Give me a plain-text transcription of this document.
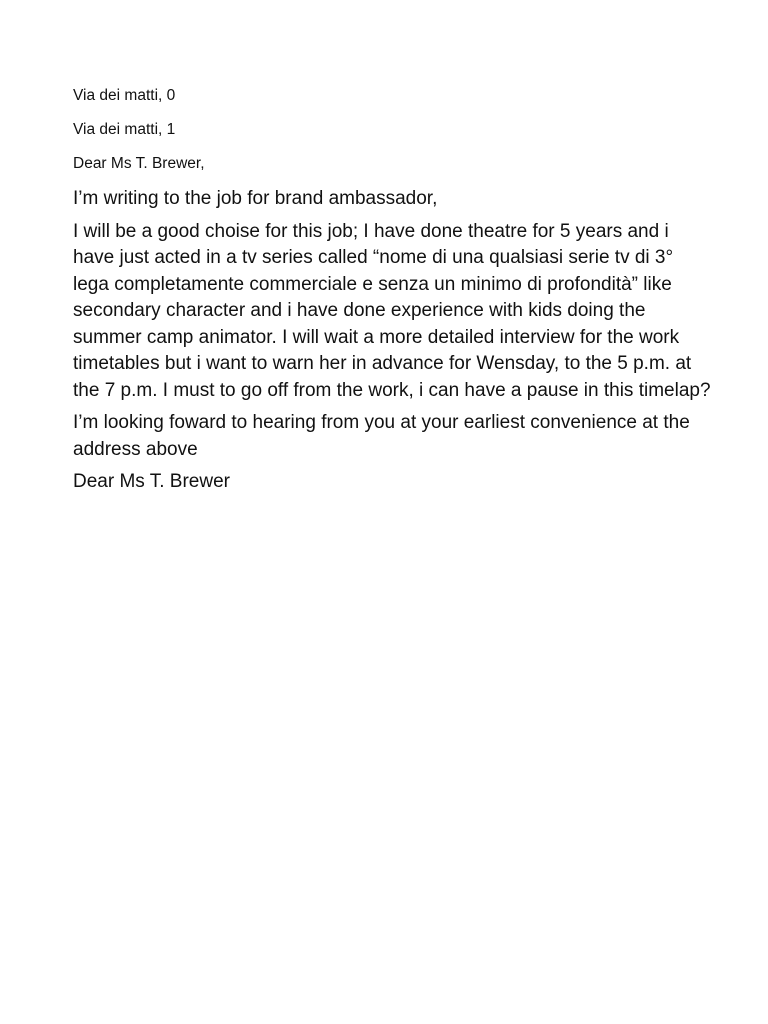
Via dei matti, 0

Via dei matti, 1

Dear Ms T. Brewer,

I’m writing to the job for brand ambassador,

I will be a good choise for this job; I have done theatre for 5 years and i have just acted in a tv series called “nome di una qualsiasi serie tv di 3° lega completamente commerciale e senza un minimo di profondità” like secondary character and i have done experience with kids doing the summer camp animator. I will wait a more detailed interview for the work timetables but i want to warn her in advance for Wensday, to the 5 p.m. at the 7 p.m. I must to go off from the work, i can have a pause in this timelap?

I’m looking foward to hearing from you at your earliest convenience at the address above

Dear Ms T. Brewer
